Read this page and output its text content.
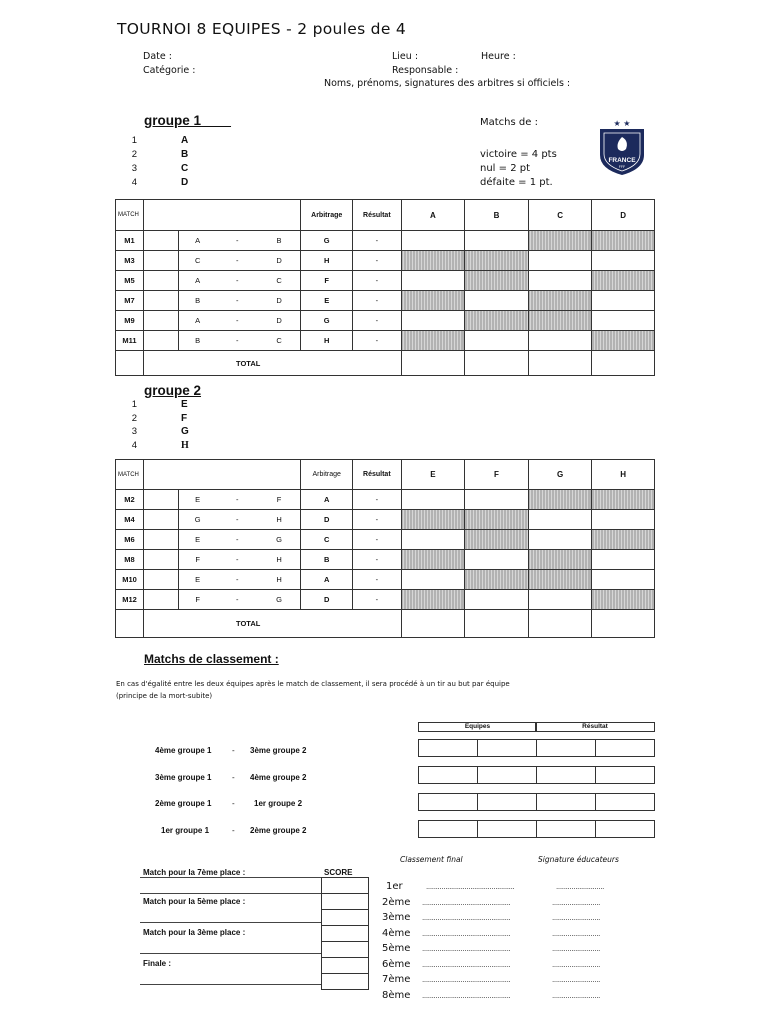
TOURNOI 8 EQUIPES - 2 poules de 4
Date :
Catégorie :
Lieu :	Heure :
Responsable :
Noms, prénoms, signatures des arbitres si officiels :
groupe 1
1	A
2	B
3	C
4	D
Matchs de :
victoire = 4 pts
nul = 2 pt
défaite = 1 pt.
★ ★
FRANCE
FFF
MATCH					Arbitrage	Résultat	A	B	C	D
M1		A	-	B	G	-				
M3		C	-	D	H	-				
M5		A	-	C	F	-				
M7		B	-	D	E	-				
M9		A	-	D	G	-				
M11		B	-	C	H	-				
	TOTAL									
groupe 2
1	E
2	F
3	G
4	H
MATCH					Arbitrage	Résultat	E	F	G	H
M2		E	-	F	A	-				
M4		G	-	H	D	-				
M6		E	-	G	C	-				
M8		F	-	H	B	-				
M10		E	-	H	A	-				
M12		F	-	G	D	-				
	TOTAL									
Matchs de classement :
En cas d'égalité entre les deux équipes après le match de classement, il sera procédé à un tir au but par équipe
(principe de la mort-subite)
Equipes	Résultat
4ème groupe 1	- 3ème groupe 2
3ème groupe 1	- 4ème groupe 2
2ème groupe 1	- 1er groupe 2
1er groupe 1	- 2ème groupe 2
Match pour la 7ème place :	SCORE
Match pour la 5ème place :
Match pour la 3ème place :
Finale :
Classement final	Signature éducateurs
1er	..............................................	.........................
2ème	..............................................	.........................
3ème	..............................................	.........................
4ème	..............................................	.........................
5ème	..............................................	.........................
6ème	..............................................	.........................
7ème	..............................................	.........................
8ème	..............................................	.........................
